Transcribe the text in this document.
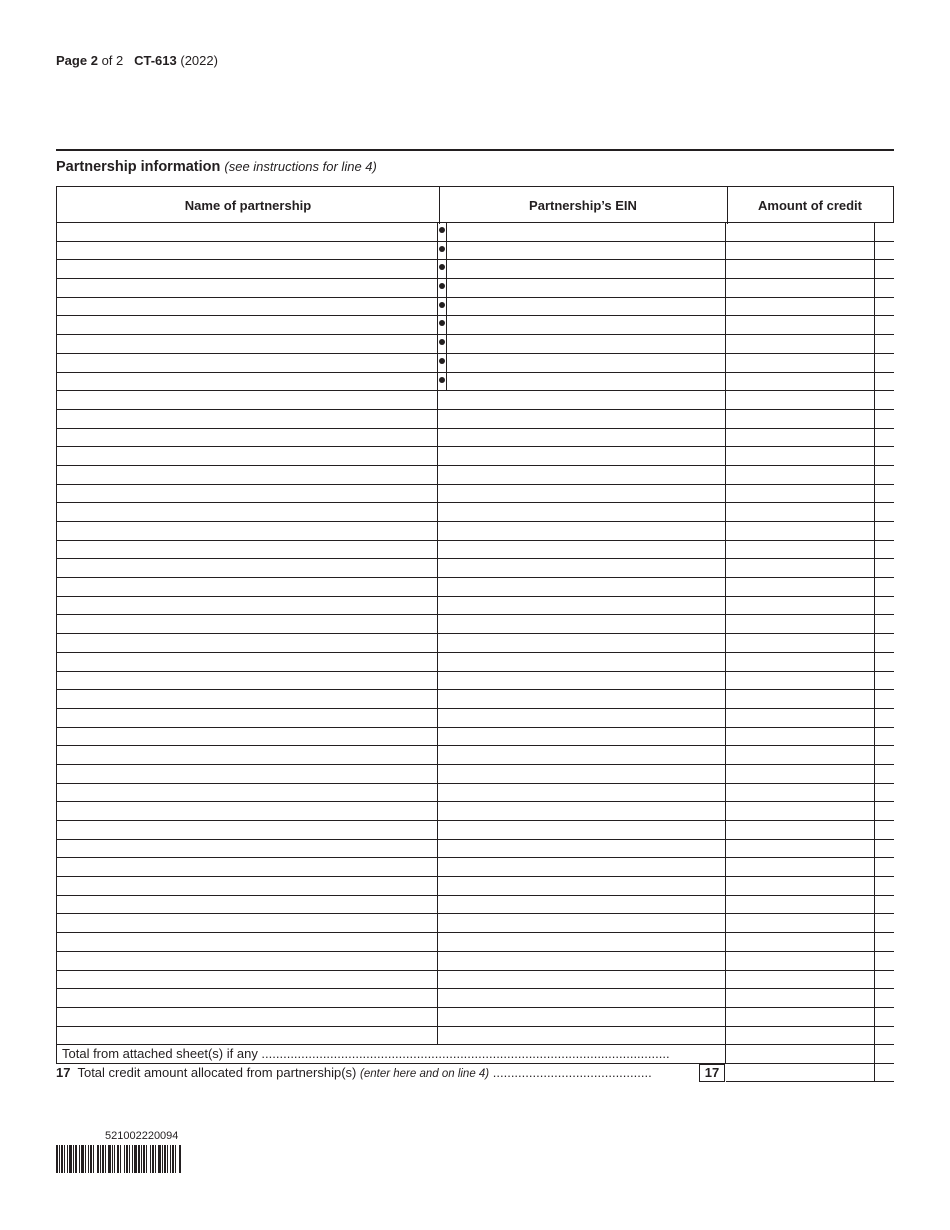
Page 2 of 2 CT-613 (2022)
Partnership information (see instructions for line 4)
Name of partnership	Partnership’s EIN	Amount of credit
Total from attached sheet(s) if any .................................................................................................................
17 Total credit amount allocated from partnership(s) (enter here and on line 4) ............................................	17
521002220094
